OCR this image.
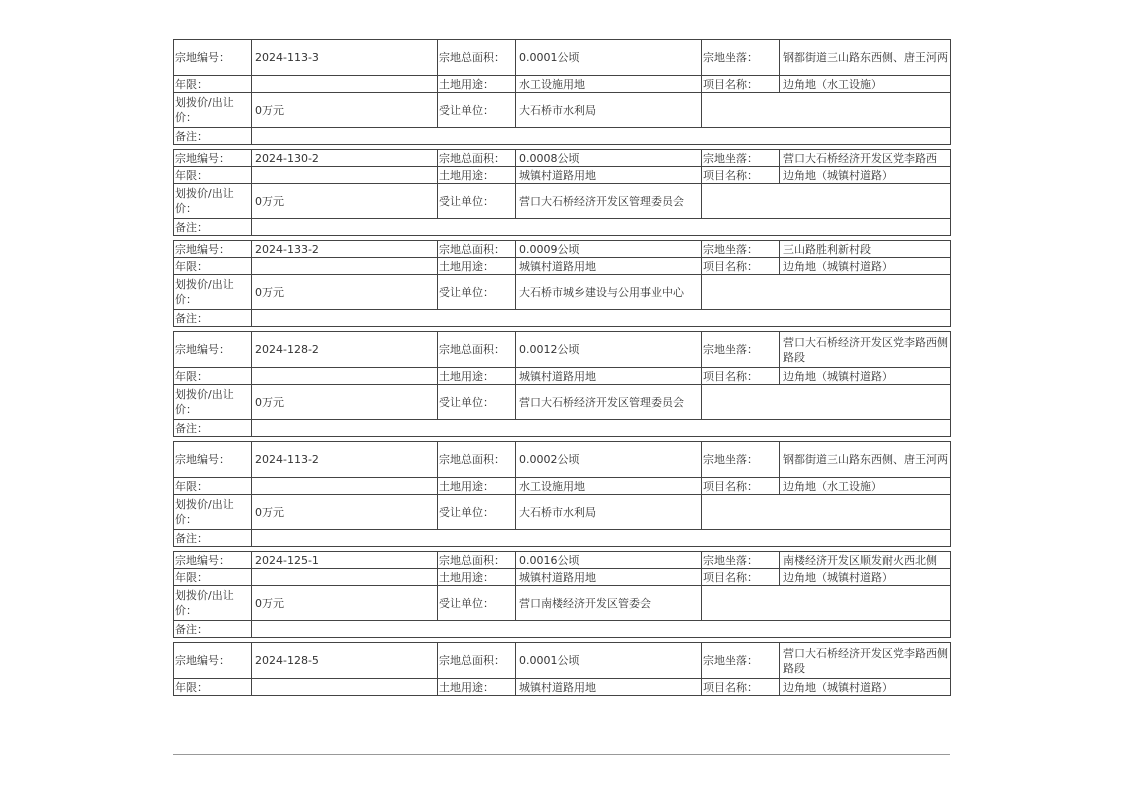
宗地编号：	2024-113-3	宗地总面积：	0.0001公顷	宗地坐落：	钢都街道三山路东西侧、唐王河两
年限：		土地用途：	水工设施用地	项目名称：	边角地（水工设施）
划拨价/出让价：	0万元	受让单位：	大石桥市水利局		
备注：					
宗地编号：	2024-130-2	宗地总面积：	0.0008公顷	宗地坐落：	营口大石桥经济开发区党李路西
年限：		土地用途：	城镇村道路用地	项目名称：	边角地（城镇村道路）
划拨价/出让价：	0万元	受让单位：	营口大石桥经济开发区管理委员会		
备注：					
宗地编号：	2024-133-2	宗地总面积：	0.0009公顷	宗地坐落：	三山路胜利新村段
年限：		土地用途：	城镇村道路用地	项目名称：	边角地（城镇村道路）
划拨价/出让价：	0万元	受让单位：	大石桥市城乡建设与公用事业中心		
备注：					
宗地编号：	2024-128-2	宗地总面积：	0.0012公顷	宗地坐落：	营口大石桥经济开发区党李路西侧路段
年限：		土地用途：	城镇村道路用地	项目名称：	边角地（城镇村道路）
划拨价/出让价：	0万元	受让单位：	营口大石桥经济开发区管理委员会		
备注：					
宗地编号：	2024-113-2	宗地总面积：	0.0002公顷	宗地坐落：	钢都街道三山路东西侧、唐王河两
年限：		土地用途：	水工设施用地	项目名称：	边角地（水工设施）
划拨价/出让价：	0万元	受让单位：	大石桥市水利局		
备注：					
宗地编号：	2024-125-1	宗地总面积：	0.0016公顷	宗地坐落：	南楼经济开发区顺发耐火西北侧
年限：		土地用途：	城镇村道路用地	项目名称：	边角地（城镇村道路）
划拨价/出让价：	0万元	受让单位：	营口南楼经济开发区管委会		
备注：					
宗地编号：	2024-128-5	宗地总面积：	0.0001公顷	宗地坐落：	营口大石桥经济开发区党李路西侧路段
年限：		土地用途：	城镇村道路用地	项目名称：	边角地（城镇村道路）
